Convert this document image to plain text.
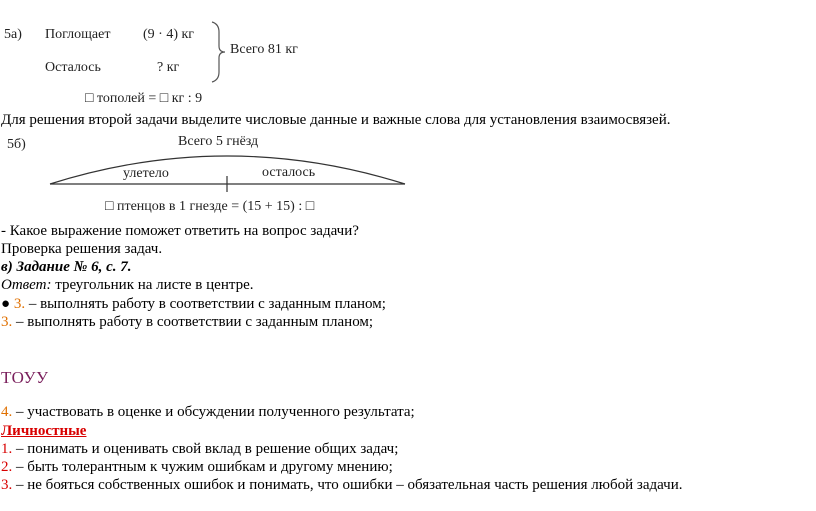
5а) Поглощает (9 · 4) кг
Всего 81 кг
Осталось	? кг
□ тополей = □ кг : 9
Для решения второй задачи выделите числовые данные и важные слова для установления взаимосвязей.
5б)	Всего 5 гнёзд
улетело	осталось
□ птенцов в 1 гнезде = (15 + 15) : □
- Какое выражение поможет ответить на вопрос задачи?
Проверка решения задач.
в) Задание № 6, с. 7.
Ответ: треугольник на листе в центре.
● 3. – выполнять работу в соответствии с заданным планом;
3. – выполнять работу в соответствии с заданным планом;
ТОУУ
4. – участвовать в оценке и обсуждении полученного результата;
Личностные
1. – понимать и оценивать свой вклад в решение общих задач;
2. – быть толерантным к чужим ошибкам и другому мнению;
3. – не бояться собственных ошибок и понимать, что ошибки – обязательная часть решения любой задачи.
